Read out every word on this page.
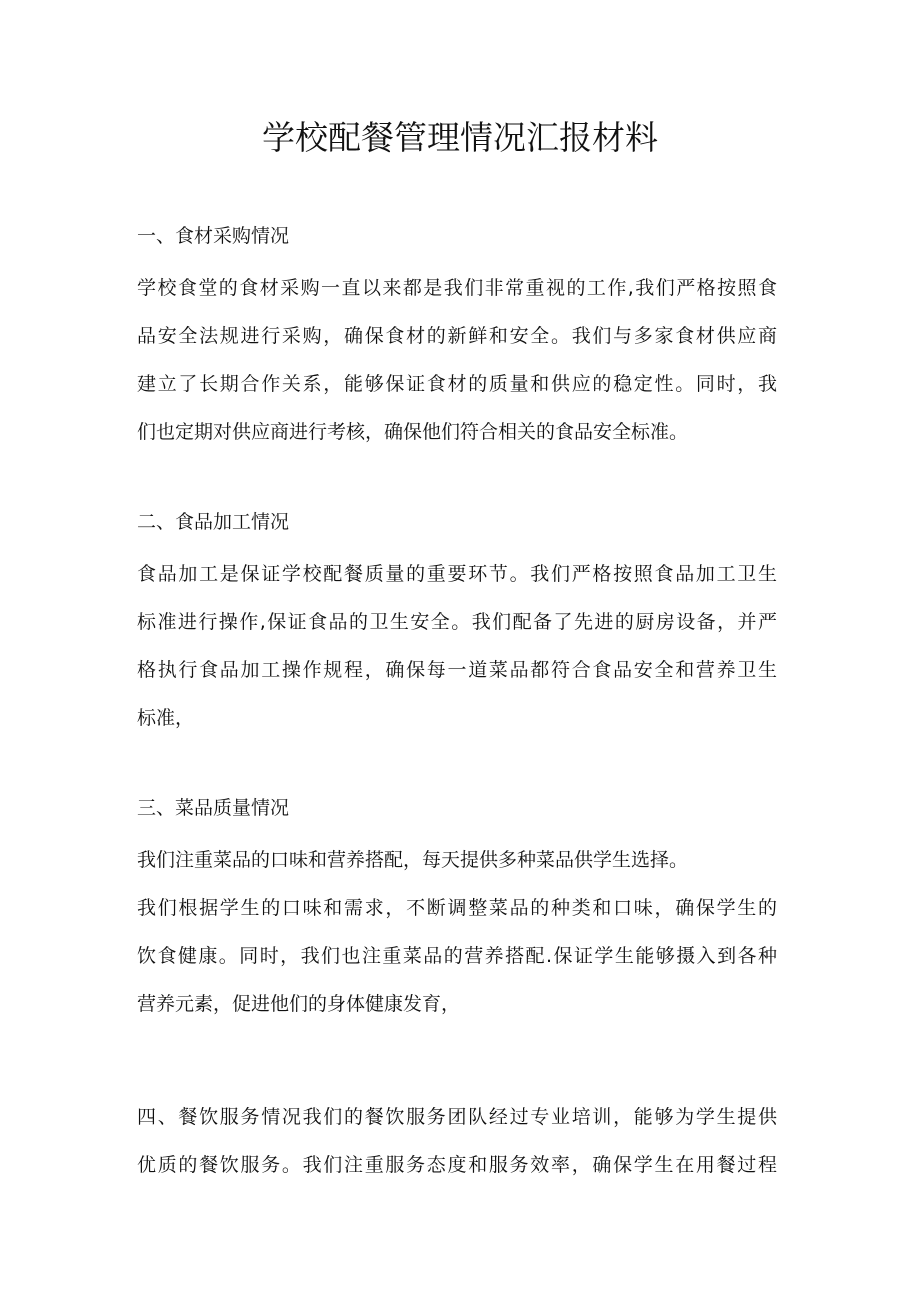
学校配餐管理情况汇报材料

一、食材采购情况

学校食堂的食材采购一直以来都是我们非常重视的工作,我们严格按照食
品安全法规进行采购，确保食材的新鲜和安全。我们与多家食材供应商
建立了长期合作关系，能够保证食材的质量和供应的稳定性。同时，我
们也定期对供应商进行考核，确保他们符合相关的食品安全标准。

二、食品加工情况

食品加工是保证学校配餐质量的重要环节。我们严格按照食品加工卫生
标准进行操作,保证食品的卫生安全。我们配备了先进的厨房设备，并严
格执行食品加工操作规程，确保每一道菜品都符合食品安全和营养卫生
标准，

三、菜品质量情况

我们注重菜品的口味和营养搭配，每天提供多种菜品供学生选择。

我们根据学生的口味和需求，不断调整菜品的种类和口味，确保学生的
饮食健康。同时，我们也注重菜品的营养搭配.保证学生能够摄入到各种
营养元素，促进他们的身体健康发育，

四、餐饮服务情况我们的餐饮服务团队经过专业培训，能够为学生提供
优质的餐饮服务。我们注重服务态度和服务效率，确保学生在用餐过程
